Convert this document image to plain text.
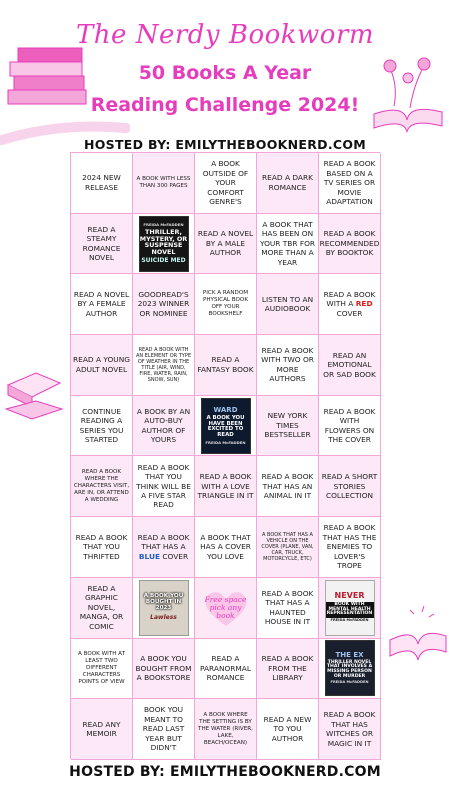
The Nerdy Bookworm
50 Books A Year
Reading Challenge 2024!
HOSTED BY: EMILYTHEBOOKNERD.COM
2024 NEW RELEASE
A BOOK WITH LESS THAN 300 PAGES
A BOOK OUTSIDE OF YOUR COMFORT GENRE'S
READ A DARK ROMANCE
READ A BOOK BASED ON A TV SERIES OR MOVIE ADAPTATION
READ A STEAMY ROMANCE NOVEL
FREIDA McFADDEN
THRILLER, MYSTERY, OR SUSPENSE NOVEL
SUICIDE MED
READ A NOVEL BY A MALE AUTHOR
A BOOK THAT HAS BEEN ON YOUR TBR FOR MORE THAN A YEAR
READ A BOOK RECOMMENDED BY BOOKTOK
READ A NOVEL BY A FEMALE AUTHOR
GOODREAD'S 2023 WINNER OR NOMINEE
PICK A RANDOM PHYSICAL BOOK OFF YOUR BOOKSHELF
LISTEN TO AN AUDIOBOOK
READ A BOOK WITH A RED COVER
READ A YOUNG ADULT NOVEL
READ A BOOK WITH AN ELEMENT OR TYPE OF WEATHER IN THE TITLE (AIR, WIND, FIRE, WATER, RAIN, SNOW, SUN)
READ A FANTASY BOOK
READ A BOOK WITH TWO OR MORE AUTHORS
READ AN EMOTIONAL OR SAD BOOK
CONTINUE READING A SERIES YOU STARTED
A BOOK BY AN AUTO-BUY AUTHOR OF YOURS
WARD
A BOOK YOU HAVE BEEN EXCITED TO READ
FREIDA McFADDEN
NEW YORK TIMES BESTSELLER
READ A BOOK WITH FLOWERS ON THE COVER
READ A BOOK WHERE THE CHARACTERS VISIT, ARE IN, OR ATTEND A WEDDING
READ A BOOK THAT YOU THINK WILL BE A FIVE STAR READ
READ A BOOK WITH A LOVE TRIANGLE IN IT
READ A BOOK THAT HAS AN ANIMAL IN IT
READ A SHORT STORIES COLLECTION
READ A BOOK THAT YOU THRIFTED
READ A BOOK THAT HAS A BLUE COVER
A BOOK THAT HAS A COVER YOU LOVE
A BOOK THAT HAS A VEHICLE ON THE COVER (PLANE, VAN, CAR, TRUCK, MOTORCYCLE, ETC)
READ A BOOK THAT HAS THE ENEMIES TO LOVER'S TROPE
READ A GRAPHIC NOVEL, MANGA, OR COMIC
A BOOK YOU BOUGHT IN 2023
Lawless
Free space pick any book
READ A BOOK THAT HAS A HAUNTED HOUSE IN IT
NEVER
BOOK WITH MENTAL HEALTH REPRESENTATION
FREIDA McFADDEN
A BOOK WITH AT LEAST TWO DIFFERENT CHARACTERS POINTS OF VIEW
A BOOK YOU BOUGHT FROM A BOOKSTORE
READ A PARANORMAL ROMANCE
READ A BOOK FROM THE LIBRARY
THE EX
THRILLER NOVEL THAT INVOLVES A MISSING PERSON OR MURDER
FREIDA McFADDEN
READ ANY MEMOIR
BOOK YOU MEANT TO READ LAST YEAR BUT DIDN'T
A BOOK WHERE THE SETTING IS BY THE WATER (RIVER, LAKE, BEACH/OCEAN)
READ A NEW TO YOU AUTHOR
READ A BOOK THAT HAS WITCHES OR MAGIC IN IT
HOSTED BY: EMILYTHEBOOKNERD.COM
